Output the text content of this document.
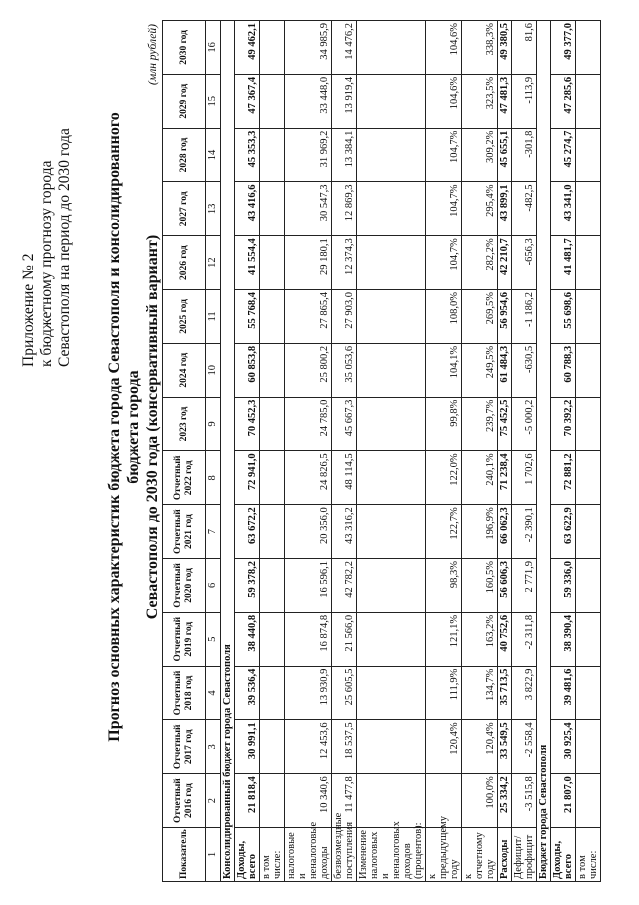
Приложение № 2 к бюджетному прогнозу города Севастополя на период до 2030 года Прогноз основных характеристик бюджета города Севастополя и консолидированного бюджета города Севастополя до 2030 года (консервативный вариант)
(млн рублей)
Показатель	Отчетный 2016 год	Отчетный 2017 год	Отчетный 2018 год	Отчетный 2019 год	Отчетный 2020 год	Отчетный 2021 год	Отчетный 2022 год	2023 год	2024 год	2025 год	2026 год	2027 год	2028 год	2029 год	2030 год
1	2	3	4	5	6	7	8	9	10	11	12	13	14	15	16
Консолидированный бюджет города Севастополя															
Доходы, всего	21 818,4	30 991,1	39 536,4	38 440,8	59 378,2	63 672,2	72 941,0	70 452,3	60 853,8	55 768,4	41 554,4	43 416,6	45 353,3	47 367,4	49 462,1
в том числе:															
налоговые и неналоговые доходы	10 340,6	12 453,6	13 930,9	16 874,8	16 596,1	20 356,0	24 826,5	24 785,0	25 800,2	27 865,4	29 180,1	30 547,3	31 969,2	33 448,0	34 985,9
безвозмездные поступления	11 477,8	18 537,5	25 605,5	21 566,0	42 782,2	43 316,2	48 114,5	45 667,3	35 053,6	27 903,0	12 374,3	12 869,3	13 384,1	13 919,4	14 476,2
Изменение налоговых и неналоговых доходов (процентов):															
к предыдущему году		120,4%	111,9%	121,1%	98,3%	122,7%	122,0%	99,8%	104,1%	108,0%	104,7%	104,7%	104,7%	104,6%	104,6%
к отчетному году	100,0%	120,4%	134,7%	163,2%	160,5%	196,9%	240,1%	239,7%	249,5%	269,5%	282,2%	295,4%	309,2%	323,5%	338,3%
Расходы	25 334,2	33 549,5	35 713,5	40 752,6	56 606,3	66 062,3	71 238,4	75 452,5	61 484,3	56 954,6	42 210,7	43 899,1	45 655,1	47 481,3	49 380,5
Дефицит/ профицит	-3 515,8	-2 558,4	3 822,9	-2 311,8	2 771,9	-2 390,1	1 702,6	-5 000,2	-630,5	-1 186,2	-656,3	-482,5	-301,8	-113,9	81,6
Бюджет города Севастополя															
Доходы, всего	21 807,0	30 925,4	39 481,6	38 390,4	59 336,0	63 622,9	72 881,2	70 392,2	60 788,3	55 698,6	41 481,7	43 341,0	45 274,7	47 285,6	49 377,0
в том числе:															
